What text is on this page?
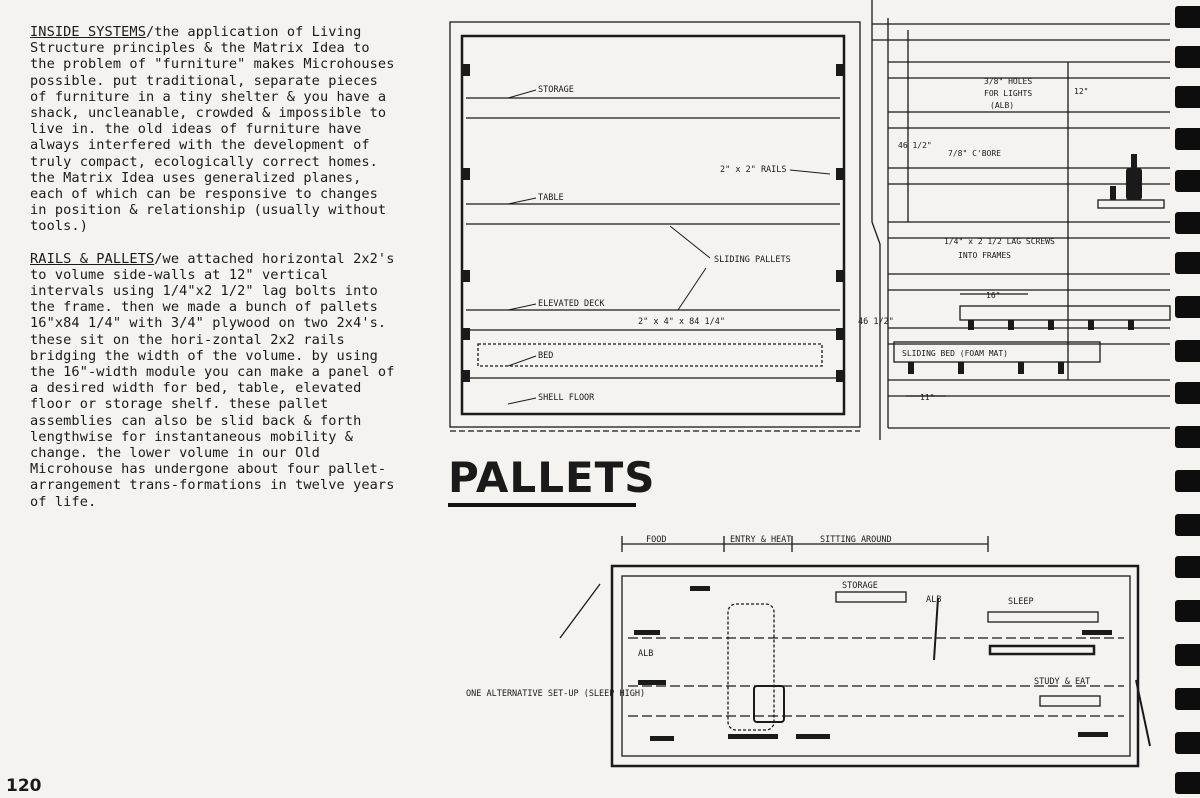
INSIDE SYSTEMS/the application of Living Structure principles & the Matrix Idea to the problem of "furniture" makes Microhouses possible. put traditional, separate pieces of furniture in a tiny shelter & you have a shack, uncleanable, crowded & impossible to live in. the old ideas of furniture have always interfered with the development of truly compact, ecologically correct homes. the Matrix Idea uses generalized planes, each of which can be responsive to changes in position & relationship (usually without tools.)

RAILS & PALLETS/we attached horizontal 2x2's to volume side-walls at 12" vertical intervals using 1/4"x2 1/2" lag bolts into the frame. then we made a bunch of pallets 16"x84 1/4" with 3/4" plywood on two 2x4's. these sit on the hori-zontal 2x2 rails bridging the width of the volume. by using the 16"-width module you can make a panel of a desired width for bed, table, elevated floor or storage shelf. these pallet assemblies can also be slid back & forth lengthwise for instantaneous mobility & change. the lower volume in our Old Microhouse has undergone about four pallet-arrangement trans-formations in twelve years of life.

120
STORAGE
TABLE
2" x 2" RAILS
SLIDING PALLETS
ELEVATED DECK
2" x 4" x 84 1/4"
BED
SHELL FLOOR
46 1/2"
3/8" HOLES
FOR LIGHTS
(ALB)
46 1/2"
7/8" C'BORE
1/4" x 2 1/2 LAG SCREWS
INTO FRAMES
16"
SLIDING BED (FOAM MAT)
11"
12"
PALLETS
FOOD	ENTRY & HEAT	SITTING AROUND
STORAGE
ALB	SLEEP
ALB
STUDY & EAT
ONE ALTERNATIVE SET-UP (SLEEP HIGH)
